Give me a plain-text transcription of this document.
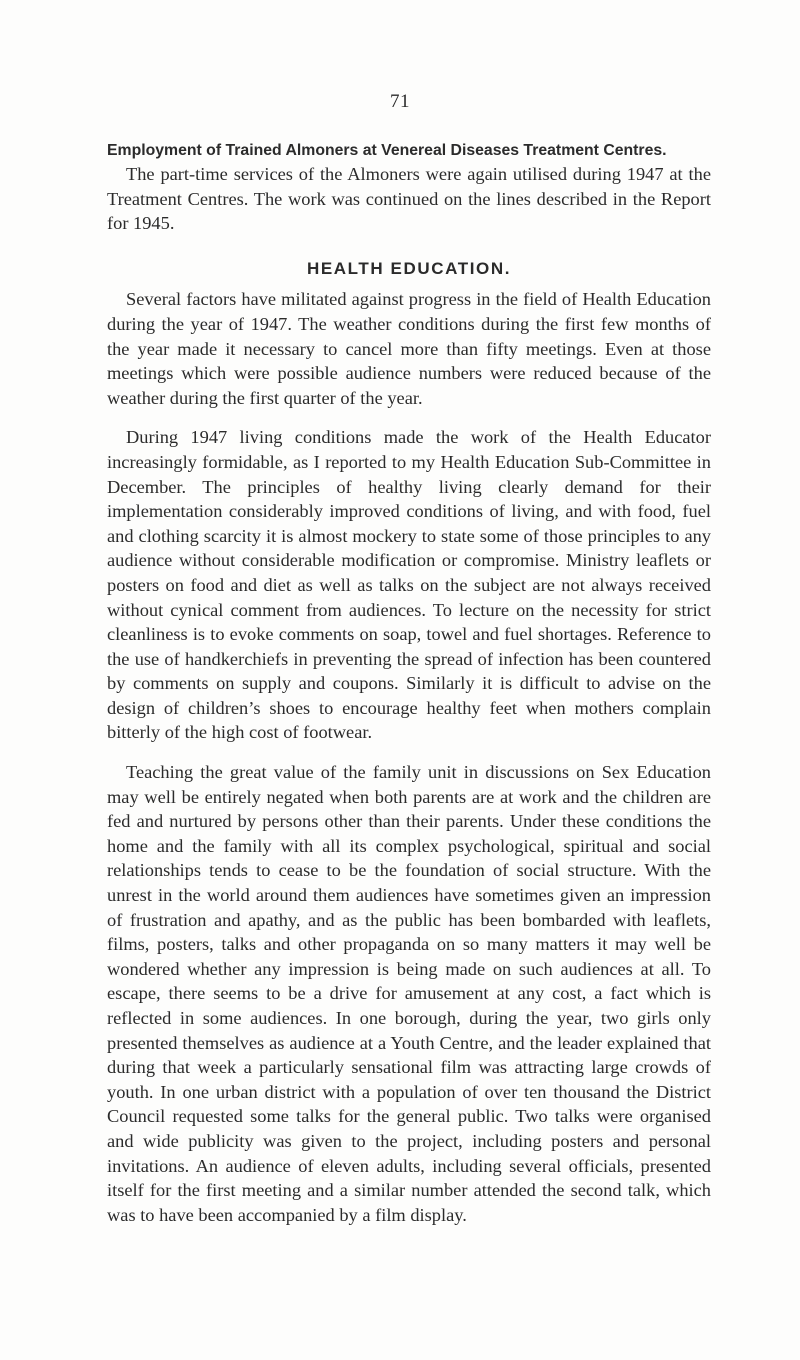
71
Employment of Trained Almoners at Venereal Diseases Treatment Centres.

The part-time services of the Almoners were again utilised during 1947 at the Treatment Centres. The work was continued on the lines described in the Report for 1945.

HEALTH EDUCATION.

Several factors have militated against progress in the field of Health Education during the year of 1947. The weather conditions during the first few months of the year made it necessary to cancel more than fifty meetings. Even at those meetings which were possible audience numbers were reduced because of the weather during the first quarter of the year.

During 1947 living conditions made the work of the Health Educator increasingly formidable, as I reported to my Health Education Sub-Committee in December. The principles of healthy living clearly demand for their implementation considerably improved conditions of living, and with food, fuel and clothing scarcity it is almost mockery to state some of those principles to any audience without considerable modification or compromise. Ministry leaflets or posters on food and diet as well as talks on the subject are not always received without cynical comment from audiences. To lecture on the necessity for strict cleanliness is to evoke comments on soap, towel and fuel shortages. Reference to the use of handkerchiefs in preventing the spread of infection has been countered by comments on supply and coupons. Similarly it is difficult to advise on the design of children’s shoes to encourage healthy feet when mothers complain bitterly of the high cost of footwear.

Teaching the great value of the family unit in discussions on Sex Education may well be entirely negated when both parents are at work and the children are fed and nurtured by persons other than their parents. Under these conditions the home and the family with all its complex psychological, spiritual and social relationships tends to cease to be the foundation of social structure. With the unrest in the world around them audiences have sometimes given an impression of frustration and apathy, and as the public has been bombarded with leaflets, films, posters, talks and other propaganda on so many matters it may well be wondered whether any impression is being made on such audiences at all. To escape, there seems to be a drive for amusement at any cost, a fact which is reflected in some audiences. In one borough, during the year, two girls only presented themselves as audience at a Youth Centre, and the leader explained that during that week a particularly sensational film was attracting large crowds of youth. In one urban district with a population of over ten thousand the District Council requested some talks for the general public. Two talks were organised and wide publicity was given to the project, including posters and personal invitations. An audience of eleven adults, including several officials, presented itself for the first meeting and a similar number attended the second talk, which was to have been accompanied by a film display.
